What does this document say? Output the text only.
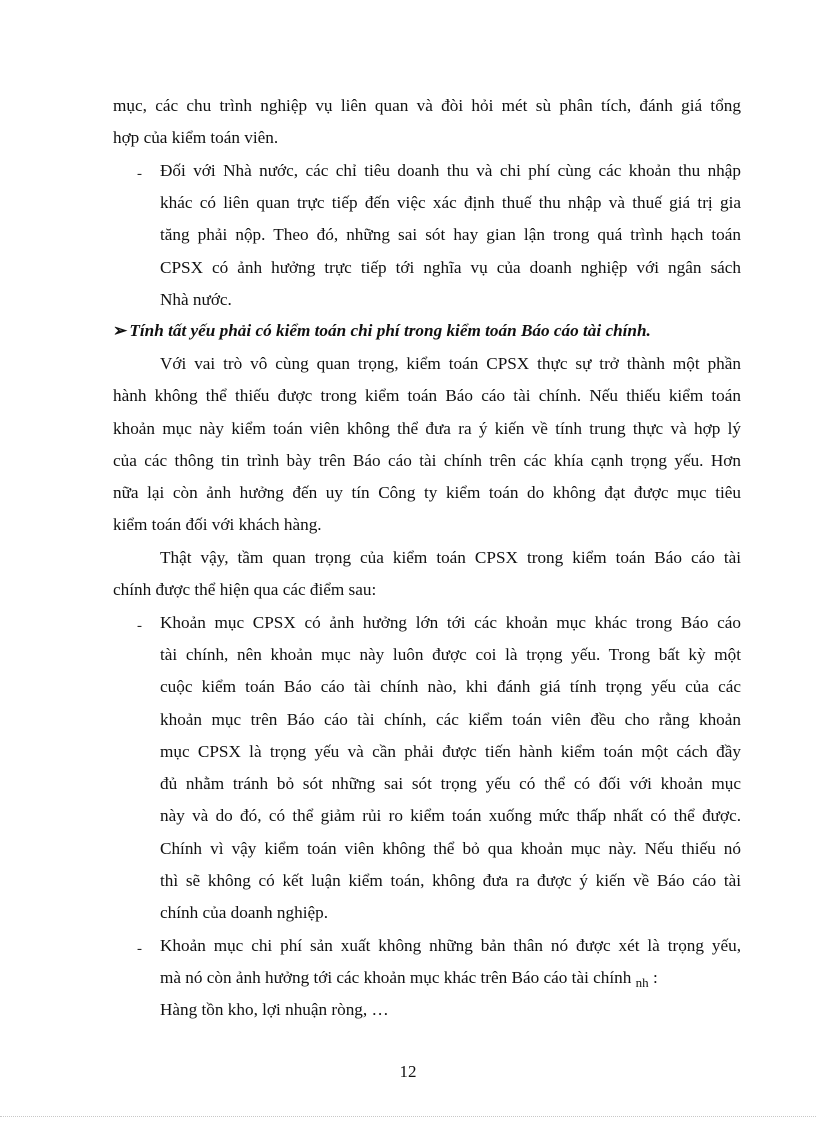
mục, các chu trình nghiệp vụ liên quan và đòi hỏi mét sù phân tích, đánh giá tổng
hợp của kiểm toán viên.
- Đối với Nhà nước, các chỉ tiêu doanh thu và chi phí cùng các khoản thu nhập
khác có liên quan trực tiếp đến việc xác định thuế thu nhập và thuế giá trị gia
tăng phải nộp. Theo đó, những sai sót hay gian lận trong quá trình hạch toán
CPSX có ảnh hưởng trực tiếp tới nghĩa vụ của doanh nghiệp với ngân sách
Nhà nước.
➢ Tính tất yếu phải có kiểm toán chi phí trong kiểm toán Báo cáo tài chính.
Với vai trò vô cùng quan trọng, kiểm toán CPSX thực sự trở thành một phần
hành không thể thiếu được trong kiểm toán Báo cáo tài chính. Nếu thiếu kiểm toán
khoản mục này kiểm toán viên không thể đưa ra ý kiến về tính trung thực và hợp lý
của các thông tin trình bày trên Báo cáo tài chính trên các khía cạnh trọng yếu. Hơn
nữa lại còn ảnh hưởng đến uy tín Công ty kiểm toán do không đạt được mục tiêu
kiểm toán đối với khách hàng.
Thật vậy, tầm quan trọng của kiểm toán CPSX trong kiểm toán Báo cáo tài
chính được thể hiện qua các điểm sau:
- Khoản mục CPSX có ảnh hưởng lớn tới các khoản mục khác trong Báo cáo
tài chính, nên khoản mục này luôn được coi là trọng yếu. Trong bất kỳ một
cuộc kiểm toán Báo cáo tài chính nào, khi đánh giá tính trọng yếu của các
khoản mục trên Báo cáo tài chính, các kiểm toán viên đều cho rằng khoản
mục CPSX là trọng yếu và cần phải được tiến hành kiểm toán một cách đầy
đủ nhằm tránh bỏ sót những sai sót trọng yếu có thể có đối với khoản mục
này và do đó, có thể giảm rủi ro kiểm toán xuống mức thấp nhất có thể được.
Chính vì vậy kiểm toán viên không thể bỏ qua khoản mục này. Nếu thiếu nó
thì sẽ không có kết luận kiểm toán, không đưa ra được ý kiến về Báo cáo tài
chính của doanh nghiệp.
- Khoản mục chi phí sản xuất không những bản thân nó được xét là trọng yếu,
mà nó còn ảnh hưởng tới các khoản mục khác trên Báo cáo tài chính $_{nh}$ :
Hàng tồn kho, lợi nhuận ròng, …
12
